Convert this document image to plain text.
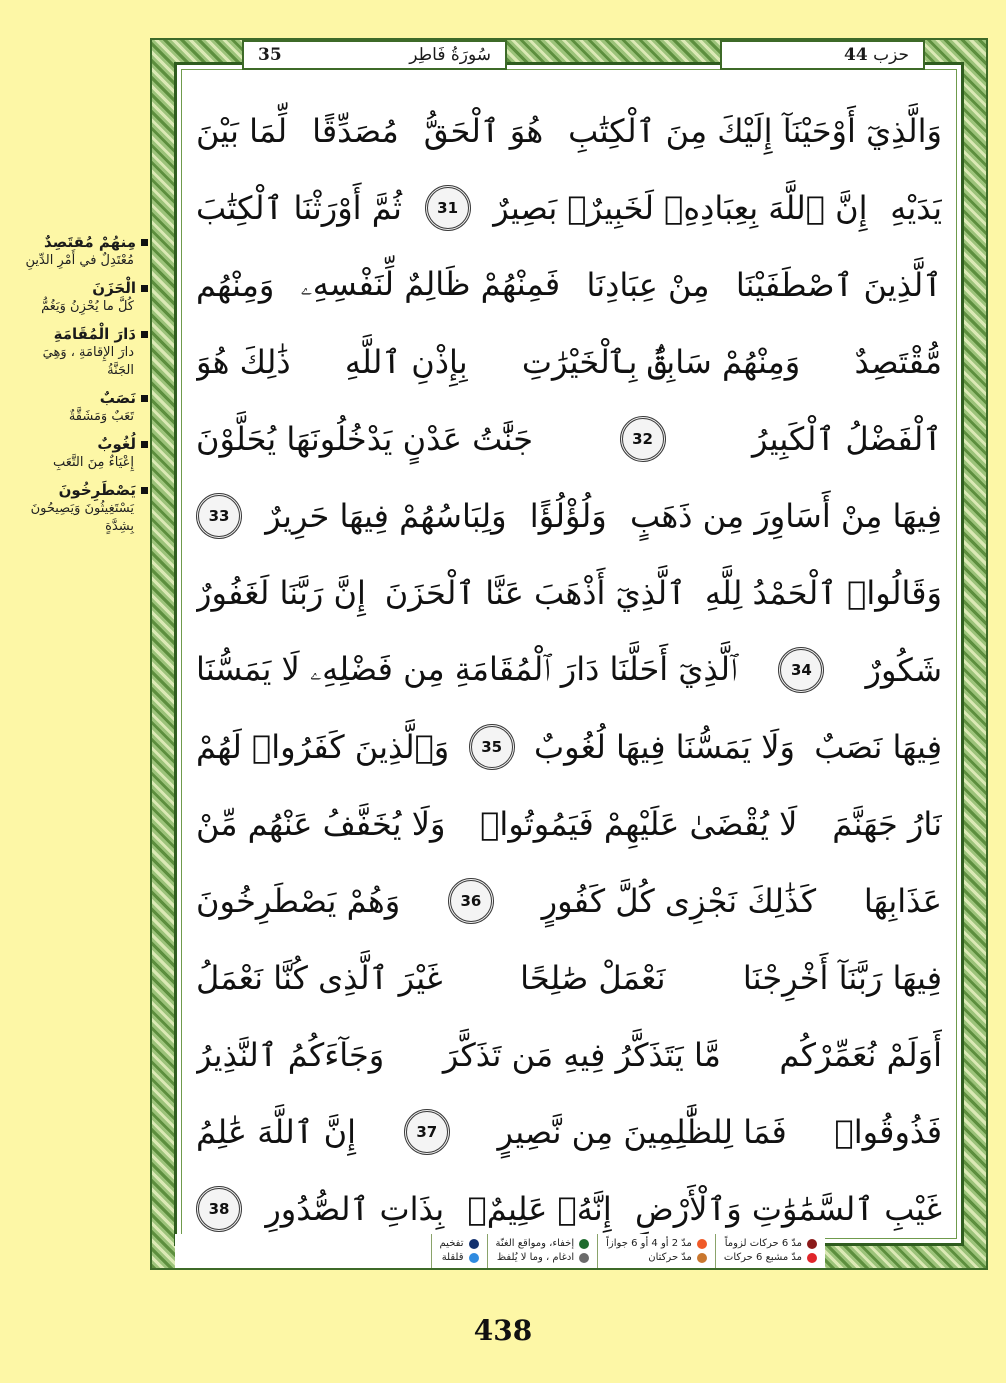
مِنهُمْ مُقتَصِدٌ
مُعْتَدِلٌ في أَمْرِ الدِّينِ
الْحَزَنَ
كُلَّ ما يُحْزِنُ وَيَغُمُّ
دَارَ الْمُقَامَةِ
دارَ الإِقامَةِ ، وَهِيَ الجَنَّةُ
نَصَبٌ
تَعَبٌ وَمَشَقَّةٌ
لُغُوبٌ
إِعْيَاءٌ مِنَ التَّعَبِ
يَصْطَرِخُونَ
يَسْتَغِيثُونَ وَيَصِيحُونَ بِشِدَّةٍ
سُورَةُ فَاطِر
35	حزب 44
وَالَّذِيٓ أَوْحَيْنَآ إِلَيْكَ مِنَ ٱلْكِتَٰبِ
هُوَ ٱلْحَقُّ
مُصَدِّقًا
لِّمَا بَيْنَ
يَدَيْهِ
إِنَّ ٱللَّهَ بِعِبَادِهِۦ لَخَبِيرٌۢ بَصِيرٌ
31
ثُمَّ أَوْرَثْنَا ٱلْكِتَٰبَ
ٱلَّذِينَ ٱصْطَفَيْنَا
مِنْ عِبَادِنَا
فَمِنْهُمْ ظَالِمٌ لِّنَفْسِهِۦ
وَمِنْهُم
مُّقْتَصِدٌ
وَمِنْهُمْ سَابِقٌۢ بِٱلْخَيْرَٰتِ
بِإِذْنِ ٱللَّهِ
ذَٰلِكَ هُوَ
ٱلْفَضْلُ ٱلْكَبِيرُ
32
جَنَّٰتُ عَدْنٍ يَدْخُلُونَهَا يُحَلَّوْنَ
فِيهَا مِنْ أَسَاوِرَ مِن ذَهَبٍ
وَلُؤْلُؤًا
وَلِبَاسُهُمْ فِيهَا حَرِيرٌ
33
وَقَالُوا۟ ٱلْحَمْدُ لِلَّهِ
ٱلَّذِيٓ أَذْهَبَ عَنَّا ٱلْحَزَنَ
إِنَّ رَبَّنَا لَغَفُورٌ
شَكُورٌ
34
ٱلَّذِيٓ أَحَلَّنَا دَارَ ٱلْمُقَامَةِ مِن فَضْلِهِۦ لَا يَمَسُّنَا
فِيهَا نَصَبٌ
وَلَا يَمَسُّنَا فِيهَا لُغُوبٌ
35
وَٱلَّذِينَ كَفَرُوا۟ لَهُمْ
نَارُ جَهَنَّمَ
لَا يُقْضَىٰ عَلَيْهِمْ فَيَمُوتُوا۟
وَلَا يُخَفَّفُ عَنْهُم مِّنْ
عَذَابِهَا
كَذَٰلِكَ نَجْزِى كُلَّ كَفُورٍ
36
وَهُمْ يَصْطَرِخُونَ
فِيهَا رَبَّنَآ أَخْرِجْنَا
نَعْمَلْ صَٰلِحًا
غَيْرَ ٱلَّذِى كُنَّا نَعْمَلُ
أَوَلَمْ نُعَمِّرْكُم
مَّا يَتَذَكَّرُ فِيهِ مَن تَذَكَّرَ
وَجَآءَكُمُ ٱلنَّذِيرُ
فَذُوقُوا۟
فَمَا لِلظَّٰلِمِينَ مِن نَّصِيرٍ
37
إِنَّ ٱللَّهَ عَٰلِمُ
غَيْبِ ٱلسَّمَٰوَٰتِ وَٱلْأَرْضِ
إِنَّهُۥ عَلِيمٌۢ
بِذَاتِ ٱلصُّدُورِ
38
مدّ 6 حركات لزوماً
مدّ مشبع 6 حركات
مدّ 2 أو 4 أو 6 جوازاً
مدّ حركتان
إخفاء، ومواقع الغنّة
ادغام ، وما لا يُلفظ
تفخيم
قلقلة
438
